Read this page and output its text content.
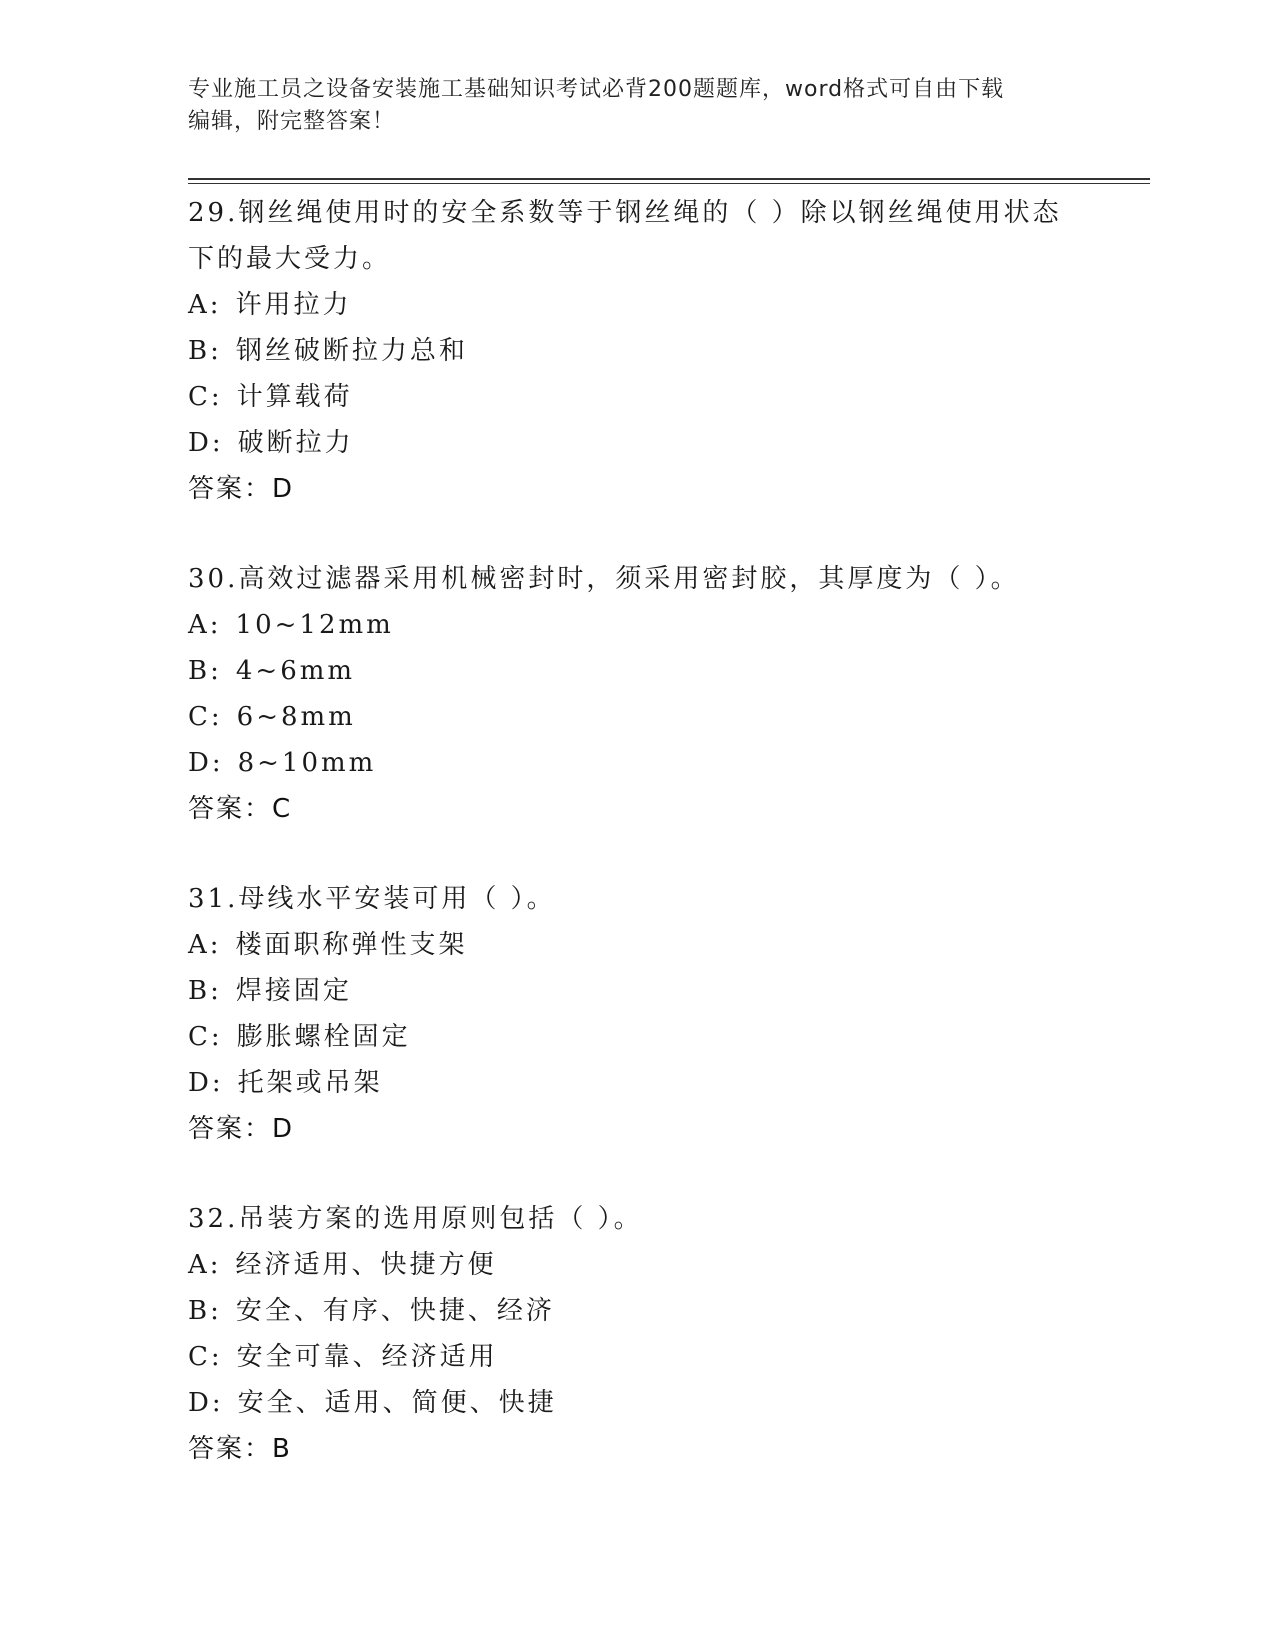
专业施工员之设备安装施工基础知识考试必背200题题库，word格式可自由下载
编辑，附完整答案！

29.钢丝绳使用时的安全系数等于钢丝绳的（ ）除以钢丝绳使用状态
下的最大受力。

A: 许用拉力

B: 钢丝破断拉力总和

C: 计算载荷

D: 破断拉力

答案：D

30.高效过滤器采用机械密封时，须采用密封胶，其厚度为（ ）。

A: 10~12mm

B: 4~6mm

C: 6~8mm

D: 8~10mm

答案：C

31.母线水平安装可用（ ）。

A: 楼面职称弹性支架

B: 焊接固定

C: 膨胀螺栓固定

D: 托架或吊架

答案：D

32.吊装方案的选用原则包括（ ）。

A: 经济适用、快捷方便

B: 安全、有序、快捷、经济

C: 安全可靠、经济适用

D: 安全、适用、简便、快捷

答案：B
